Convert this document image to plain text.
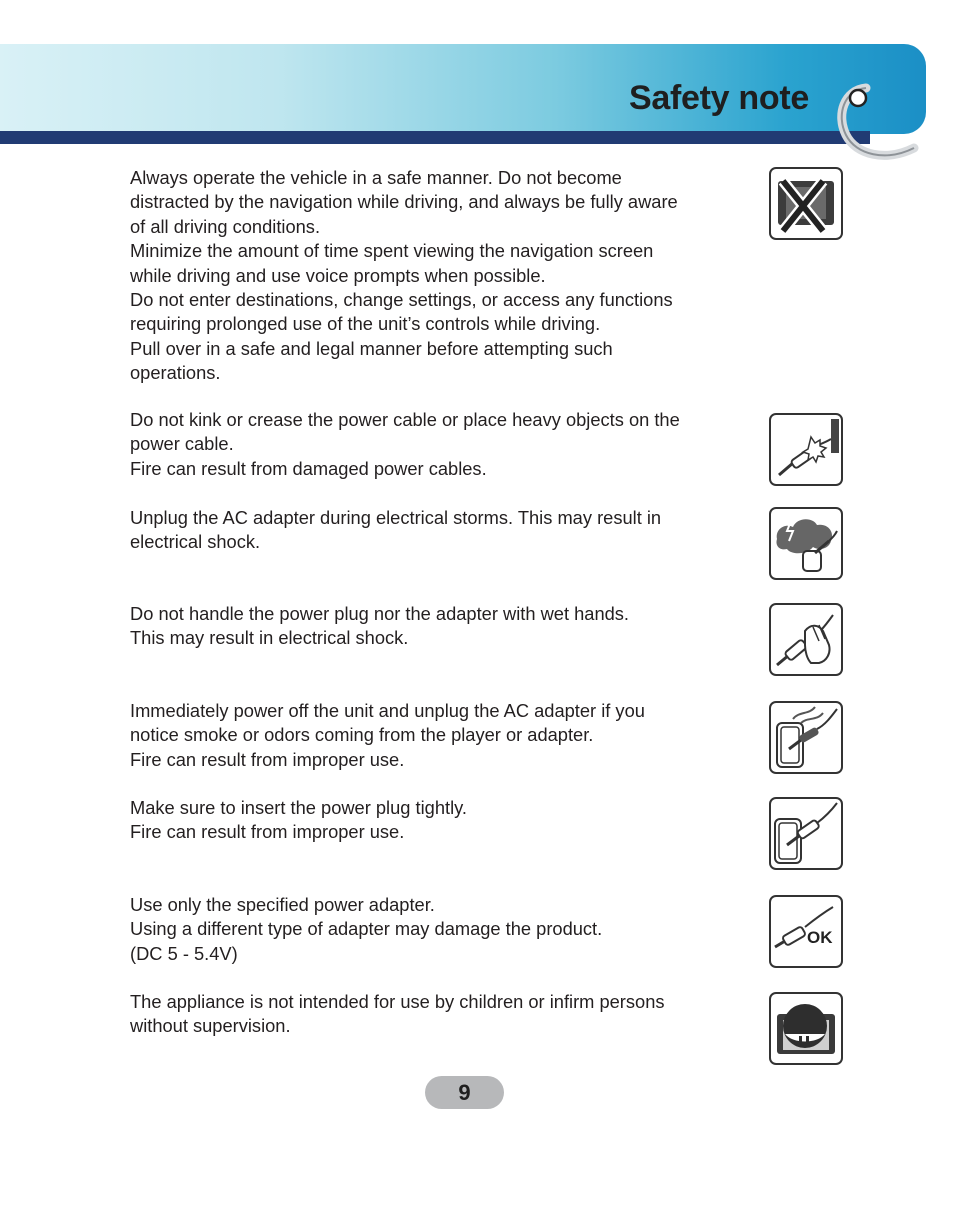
Safety note

Always operate the vehicle in a safe manner. Do not become

distracted by the navigation while driving, and always be fully aware

of all driving conditions.

Minimize the amount of time spent viewing the navigation screen

while driving and use voice prompts when possible.

Do not enter destinations, change settings, or access any functions

requiring prolonged use of the unit’s controls while driving.

Pull over in a safe and legal manner before attempting such

operations.

Do not kink or crease the power cable or place heavy objects on the

power cable.

Fire can result from damaged power cables.

Unplug the AC adapter during electrical storms. This may result in

electrical shock.

Do not handle the power plug nor the adapter with wet hands.

This may result in electrical shock.

Immediately power off the unit and unplug the AC adapter if you

notice smoke or odors coming from the player or adapter.

Fire can result from improper use.

Make sure to insert the power plug tightly.

Fire can result from improper use.

Use only the specified power adapter.

Using a different type of adapter may damage the product.

(DC 5 - 5.4V)

OK

The appliance is not intended for use by children or infirm persons

without supervision.

9
